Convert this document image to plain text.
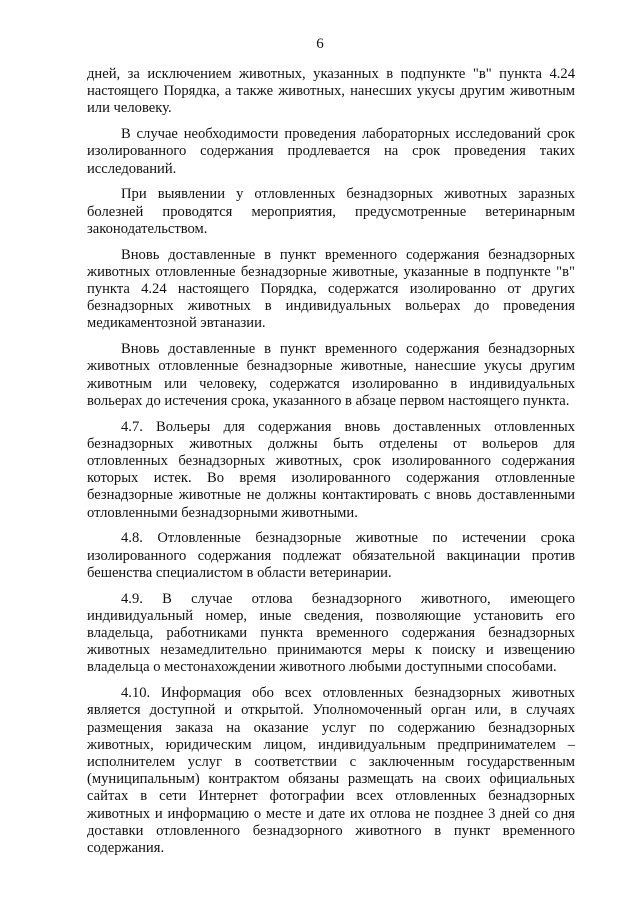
6

дней, за исключением животных, указанных в подпункте "в" пункта 4.24 настоящего Порядка, а также животных, нанесших укусы другим животным или человеку.

В случае необходимости проведения лабораторных исследований срок изолированного содержания продлевается на срок проведения таких исследований.

При выявлении у отловленных безнадзорных животных заразных болезней проводятся мероприятия, предусмотренные ветеринарным законодательством.

Вновь доставленные в пункт временного содержания безнадзорных животных отловленные безнадзорные животные, указанные в подпункте "в" пункта 4.24 настоящего Порядка, содержатся изолированно от других безнадзорных животных в индивидуальных вольерах до проведения медикаментозной эвтаназии.

Вновь доставленные в пункт временного содержания безнадзорных животных отловленные безнадзорные животные, нанесшие укусы другим животным или человеку, содержатся изолированно в индивидуальных вольерах до истечения срока, указанного в абзаце первом настоящего пункта.

4.7. Вольеры для содержания вновь доставленных отловленных безнадзорных животных должны быть отделены от вольеров для отловленных безнадзорных животных, срок изолированного содержания которых истек. Во время изолированного содержания отловленные безнадзорные животные не должны контактировать с вновь доставленными отловленными безнадзорными животными.

4.8. Отловленные безнадзорные животные по истечении срока изолированного содержания подлежат обязательной вакцинации против бешенства специалистом в области ветеринарии.

4.9. В случае отлова безнадзорного животного, имеющего индивидуальный номер, иные сведения, позволяющие установить его владельца, работниками пункта временного содержания безнадзорных животных незамедлительно принимаются меры к поиску и извещению владельца о местонахождении животного любыми доступными способами.

4.10. Информация обо всех отловленных безнадзорных животных является доступной и открытой. Уполномоченный орган или, в случаях размещения заказа на оказание услуг по содержанию безнадзорных животных, юридическим лицом, индивидуальным предпринимателем – исполнителем услуг в соответствии с заключенным государственным (муниципальным) контрактом обязаны размещать на своих официальных сайтах в сети Интернет фотографии всех отловленных безнадзорных животных и информацию о месте и дате их отлова не позднее 3 дней со дня доставки отловленного безнадзорного животного в пункт временного содержания.
